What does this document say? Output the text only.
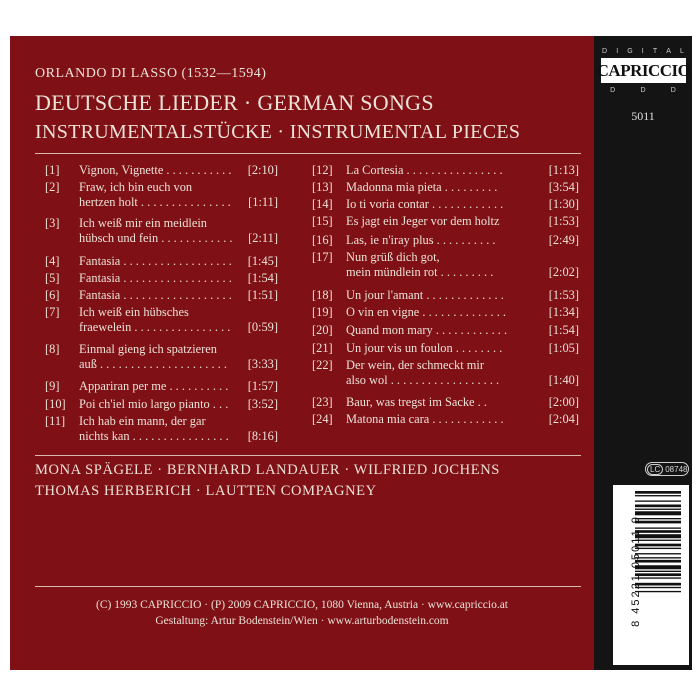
D I G I T A L
CAPRICCIO
D	D	D
5011
LC 08748
8 45221 05011 9
ORLANDO DI LASSO (1532—1594)
DEUTSCHE LIEDER · GERMAN SONGS
INSTRUMENTALSTÜCKE · INSTRUMENTAL PIECES
[1] Vignon, Vignette . . . . . . . . . . . [2:10]
[2] Fraw, ich bin euch von
hertzen holt . . . . . . . . . . . . . . . [1:11]
[3] Ich weiß mir ein meidlein
hübsch und fein . . . . . . . . . . . . [2:11]
[4] Fantasia . . . . . . . . . . . . . . . . . . [1:45]
[5] Fantasia . . . . . . . . . . . . . . . . . . [1:54]
[6] Fantasia . . . . . . . . . . . . . . . . . . [1:51]
[7] Ich weiß ein hübsches
fraewelein . . . . . . . . . . . . . . . . [0:59]
[8] Einmal gieng ich spatzieren
auß . . . . . . . . . . . . . . . . . . . . . [3:33]
[9] Appariran per me . . . . . . . . . . [1:57]
[10] Poi ch'iel mio largo pianto . . . [3:52]
[11] Ich hab ein mann, der gar
nichts kan . . . . . . . . . . . . . . . . [8:16]
[12] La Cortesia . . . . . . . . . . . . . . . .	[1:13]
[13] Madonna mia pieta . . . . . . . . .	[3:54]
[14] Io ti voria contar . . . . . . . . . . . .	[1:30]
[15] Es jagt ein Jeger vor dem holtz	[1:53]
[16] Las, ie n'iray plus . . . . . . . . . .	[2:49]
[17] Nun grüß dich got,
mein mündlein rot . . . . . . . . .	[2:02]
[18] Un jour l'amant . . . . . . . . . . . . .	[1:53]
[19] O vin en vigne . . . . . . . . . . . . . .	[1:34]
[20] Quand mon mary . . . . . . . . . . . .	[1:54]
[21] Un jour vis un foulon . . . . . . . .	[1:05]
[22] Der wein, der schmeckt mir
also wol . . . . . . . . . . . . . . . . . .	[1:40]
[23] Baur, was tregst im Sacke . .	[2:00]
[24] Matona mia cara . . . . . . . . . . . .	[2:04]
MONA SPÄGELE · BERNHARD LANDAUER · WILFRIED JOCHENS
THOMAS HERBERICH · LAUTTEN COMPAGNEY
(C) 1993 CAPRICCIO · (P) 2009 CAPRICCIO, 1080 Vienna, Austria · www.capriccio.at
Gestaltung: Artur Bodenstein/Wien · www.arturbodenstein.com
